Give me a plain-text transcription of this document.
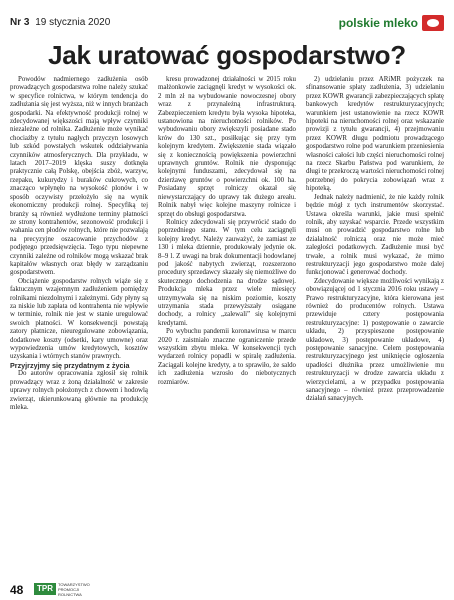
Nr 3 19 stycznia 2020	polskie mleko
Jak uratować gospodarstwo?

Powodów nadmiernego zadłużenia osób prowadzących gospodarstwa rolne należy szukać w specyfice rolnictwa, w którym tendencja do zadłużania się jest wyższa, niż w innych branżach gospodarki. Na efektywność produkcji rolnej w zdecydowanej większości mają wpływ czynniki niezależne od rolnika. Zadłużenie może wynikać chociażby z tytułu nagłych przyczyn losowych lub szkód powstałych wskutek oddziaływania czynników atmosferycznych. Dla przykładu, w latach 2017–2019 klęska suszy dotknęła praktycznie całą Polskę, obejścia zbóż, warzyw, rzepaku, kukurydzy i buraków cukrowych, co znacząco wpłynęło na wysokość plonów i w sposób oczywisty przełożyło się na wynik ekonomiczny produkcji rolnej. Specyfiką tej branży są również wydłużone terminy płatności ze strony kontrahentów, sezonowość produkcji i wahania cen płodów rolnych, które nie pozwalają na precyzyjne oszacowanie przychodów z podjętego przedsięwzięcia. Tego typu niepewne czynniki zależne od rolników mogą wskazać brak kapitałów własnych oraz błędy w zarządzaniu gospodarstwem.

Obciążenie gospodarstw rolnych wiąże się z faktucznym wzajemnym zadłużeniem pomiędzy rolnikami niezdolnymi i zależnymi. Gdy płyny są za niskie lub zapłata od kontrahenta nie wpływie w terminie, rolnik nie jest w stanie uregulować swoich płatności. W konsekwencji powstają zatory płatnicze, nieuregulowane zobowiązania, dodatkowe koszty (odsetki, kary umowne) oraz wypowiedzenia umów kredytowych, kosztów uzyskania i wtórnych stanów prawnych.

Przyjrzyjmy się przydatnym z życia

Do autorów opracowania zgłosił się rolnik prowadzący wraz z żoną działalność w zakresie uprawy rolnych położonych z chowem i hodowlą zwierząt, ukierunkowaną głównie na produkcję mleka.

kresu prowadzonej działalności w 2015 roku małżonkowie zaciągnęli kredyt w wysokości ok. 2 mln zł na wybudowanie nowoczesnej obory wraz z przynależną infrastrukturą. Zabezpieczeniem kredytu była wysoka hipoteka, ustanowiona na nieruchomości rolników. Po wybudowaniu obory zwiększyli posiadane stado krów do 130 szt., posiłkując się przy tym kolejnym kredytem. Zwiększenie stada wiązało się z koniecznością powiększenia powierzchni uprawnych gruntów. Rolnik nie dysponując kolejnymi funduszami, zdecydował się na dzierżawę gruntów o powierzchni ok. 100 ha. Posiadany sprzęt rolniczy okazał się niewystarczający do uprawy tak dużego areału. Rolnik nabył więc kolejne maszyny rolnicze i sprzęt do obsługi gospodarstwa.

Rolnicy zdecydowali się przywrócić stado do poprzedniego stanu. W tym celu zaciągnęli kolejny kredyt. Należy zauważyć, że zamiast ze 130 i mleka dziennie, produkowały jedynie ok. 8–9 l. Z uwagi na brak dokumentacji hodowlanej pod jakość nabytych zwierząt, rozszerzono procedury sprzedawcy skazały się niemożliwe do skutecznego dochodzenia na drodze sądowej. Produkcja mleka przez wiele miesięcy utrzymywała się na niskim poziomie, koszty utrzymania stada przewyższały osiągane dochody, a rolnicy „zalewali” się kolejnymi kredytami.

Po wybuchu pandemii koronawirusa w marcu 2020 r. zaistniało znaczne ograniczenie przede wszystkim zbytu mleka. W konsekwencji tych wydarzeń rolnicy popadli w spiralę zadłużenia. Zaciągali kolejne kredyty, a to sprawiło, że saldo ich zadłużenia wzrosło do niebotycznych rozmiarów.

2) udzielaniu przez ARiMR pożyczek na sfinansowanie spłaty zadłużenia, 3) udzielaniu przez KOWR gwarancji zabezpieczających spłatę bankowych kredytów restrukturyzacyjnych; warunkiem jest ustanowienie na rzecz KOWR hipoteki na nieruchomości rolnej oraz wskazanie prowizji z tytułu gwarancji, 4) przejmowaniu przez KOWR długu podmiotu prowadzącego gospodarstwo rolne pod warunkiem przeniesienia własności całości lub części nieruchomości rolnej na rzecz Skarbu Państwa pod warunkiem, że długi te przekroczą wartości nieruchomości rolnej potrzebnej do pokrycia zobowiązań wraz z hipoteką.

Jednak należy nadmienić, że nie każdy rolnik będzie mógł z tych instrumentów skorzystać. Ustawa określa warunki, jakie musi spełnić rolnik, aby uzyskać wsparcie. Przede wszystkim musi on prowadzić gospodarstwo rolne lub działalność rolniczą oraz nie może mieć zaległości podatkowych. Zadłużenie musi być trwałe, a rolnik musi wykazać, że mimo restrukturyzacji jego gospodarstwo może dalej funkcjonować i generować dochody.

Zdecydowanie większe możliwości wynikają z obowiązującej od 1 stycznia 2016 roku ustawy – Prawo restrukturyzacyjne, która kierowana jest również do producentów rolnych. Ustawa przewiduje cztery postępowania restrukturyzacyjne: 1) postępowanie o zawarcie układu, 2) przyspieszone postępowanie układowe, 3) postępowanie układowe, 4) postępowanie sanacyjne. Celem postępowania restrukturyzacyjnego jest uniknięcie ogłoszenia upadłości dłużnika przez umożliwienie mu restrukturyzacji w drodze zawarcia układu z wierzycielami, a w przypadku postępowania sanacyjnego – również przez przeprowadzenie działań sanacyjnych.

48	TPR	TOWARZYSTWO PROMOCJI ROLNICTWA
